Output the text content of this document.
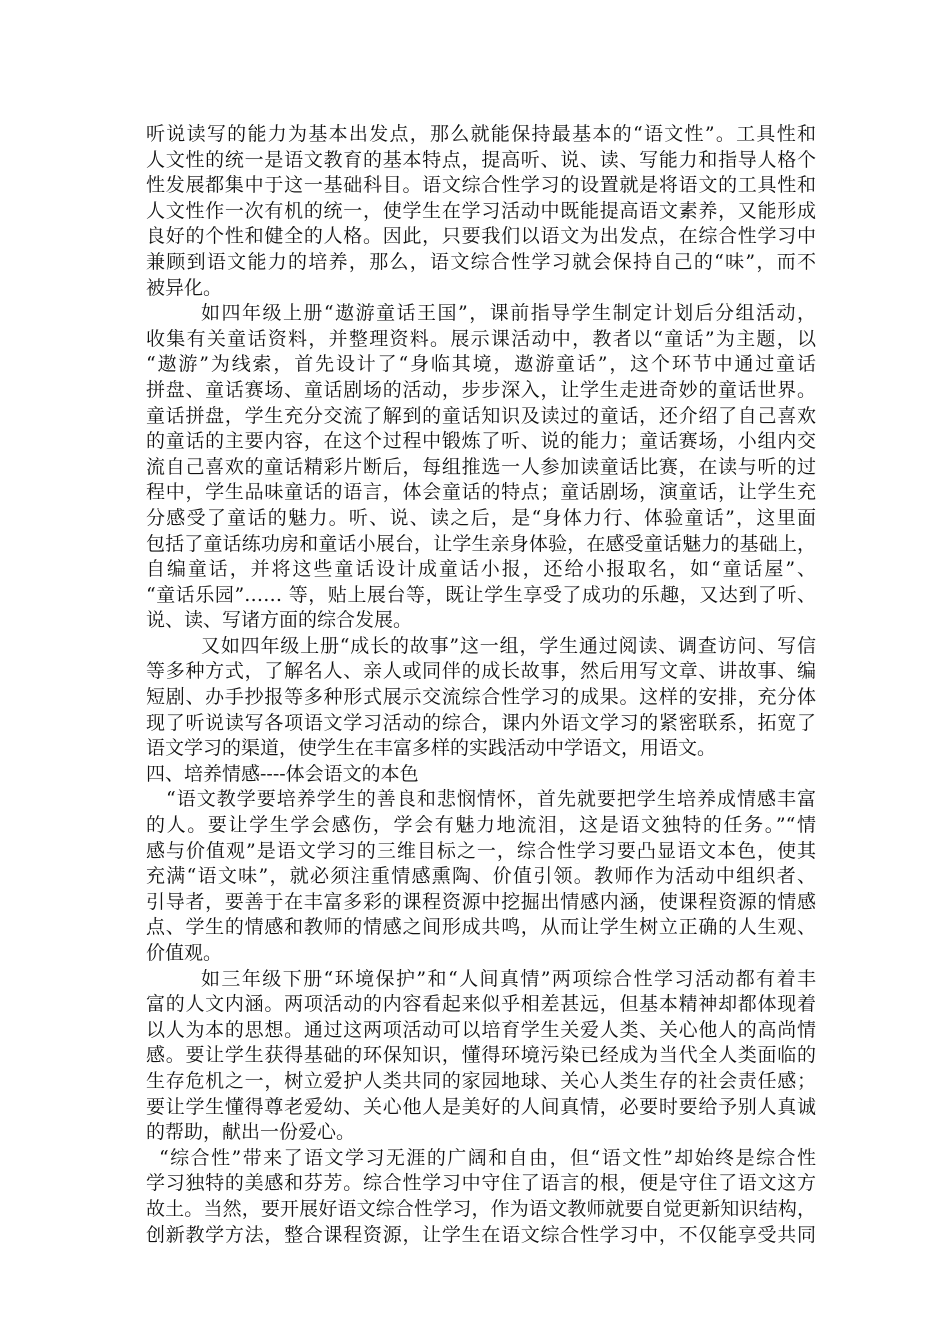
听说读写的能力为基本出发点，那么就能保持最基本的“语文性”。工具性和
人文性的统一是语文教育的基本特点，提高听、说、读、写能力和指导人格个
性发展都集中于这一基础科目。语文综合性学习的设置就是将语文的工具性和
人文性作一次有机的统一，使学生在学习活动中既能提高语文素养，又能形成
良好的个性和健全的人格。因此，只要我们以语文为出发点，在综合性学习中
兼顾到语文能力的培养，那么，语文综合性学习就会保持自己的“味”，而不
被异化。
如四年级上册“遨游童话王国”，课前指导学生制定计划后分组活动，
收集有关童话资料，并整理资料。展示课活动中，教者以“童话”为主题，以
“遨游”为线索，首先设计了“身临其境，遨游童话”，这个环节中通过童话
拼盘、童话赛场、童话剧场的活动，步步深入，让学生走进奇妙的童话世界。
童话拼盘，学生充分交流了解到的童话知识及读过的童话，还介绍了自己喜欢
的童话的主要内容，在这个过程中锻炼了听、说的能力；童话赛场，小组内交
流自己喜欢的童话精彩片断后，每组推选一人参加读童话比赛，在读与听的过
程中，学生品味童话的语言，体会童话的特点；童话剧场，演童话，让学生充
分感受了童话的魅力。听、说、读之后，是“身体力行、体验童话”，这里面
包括了童话练功房和童话小展台，让学生亲身体验，在感受童话魅力的基础上，
自编童话，并将这些童话设计成童话小报，还给小报取名，如“童话屋”、
“童话乐园”…… 等，贴上展台等，既让学生享受了成功的乐趣，又达到了听、
说、读、写诸方面的综合发展。
又如四年级上册“成长的故事”这一组，学生通过阅读、调查访问、写信
等多种方式，了解名人、亲人或同伴的成长故事，然后用写文章、讲故事、编
短剧、办手抄报等多种形式展示交流综合性学习的成果。这样的安排，充分体
现了听说读写各项语文学习活动的综合，课内外语文学习的紧密联系，拓宽了
语文学习的渠道，使学生在丰富多样的实践活动中学语文，用语文。
四、培养情感----体会语文的本色
“语文教学要培养学生的善良和悲悯情怀，首先就要把学生培养成情感丰富
的人。要让学生学会感伤，学会有魅力地流泪，这是语文独特的任务。”“情
感与价值观”是语文学习的三维目标之一，综合性学习要凸显语文本色，使其
充满“语文味”，就必须注重情感熏陶、价值引领。教师作为活动中组织者、
引导者，要善于在丰富多彩的课程资源中挖掘出情感内涵，使课程资源的情感
点、学生的情感和教师的情感之间形成共鸣，从而让学生树立正确的人生观、
价值观。
如三年级下册“环境保护”和“人间真情”两项综合性学习活动都有着丰
富的人文内涵。两项活动的内容看起来似乎相差甚远，但基本精神却都体现着
以人为本的思想。通过这两项活动可以培育学生关爱人类、关心他人的高尚情
感。要让学生获得基础的环保知识，懂得环境污染已经成为当代全人类面临的
生存危机之一，树立爱护人类共同的家园地球、关心人类生存的社会责任感；
要让学生懂得尊老爱幼、关心他人是美好的人间真情，必要时要给予别人真诚
的帮助，献出一份爱心。
“综合性”带来了语文学习无涯的广阔和自由，但“语文性”却始终是综合性
学习独特的美感和芬芳。综合性学习中守住了语言的根，便是守住了语文这方
故土。当然，要开展好语文综合性学习，作为语文教师就要自觉更新知识结构，
创新教学方法，整合课程资源，让学生在语文综合性学习中，不仅能享受共同
